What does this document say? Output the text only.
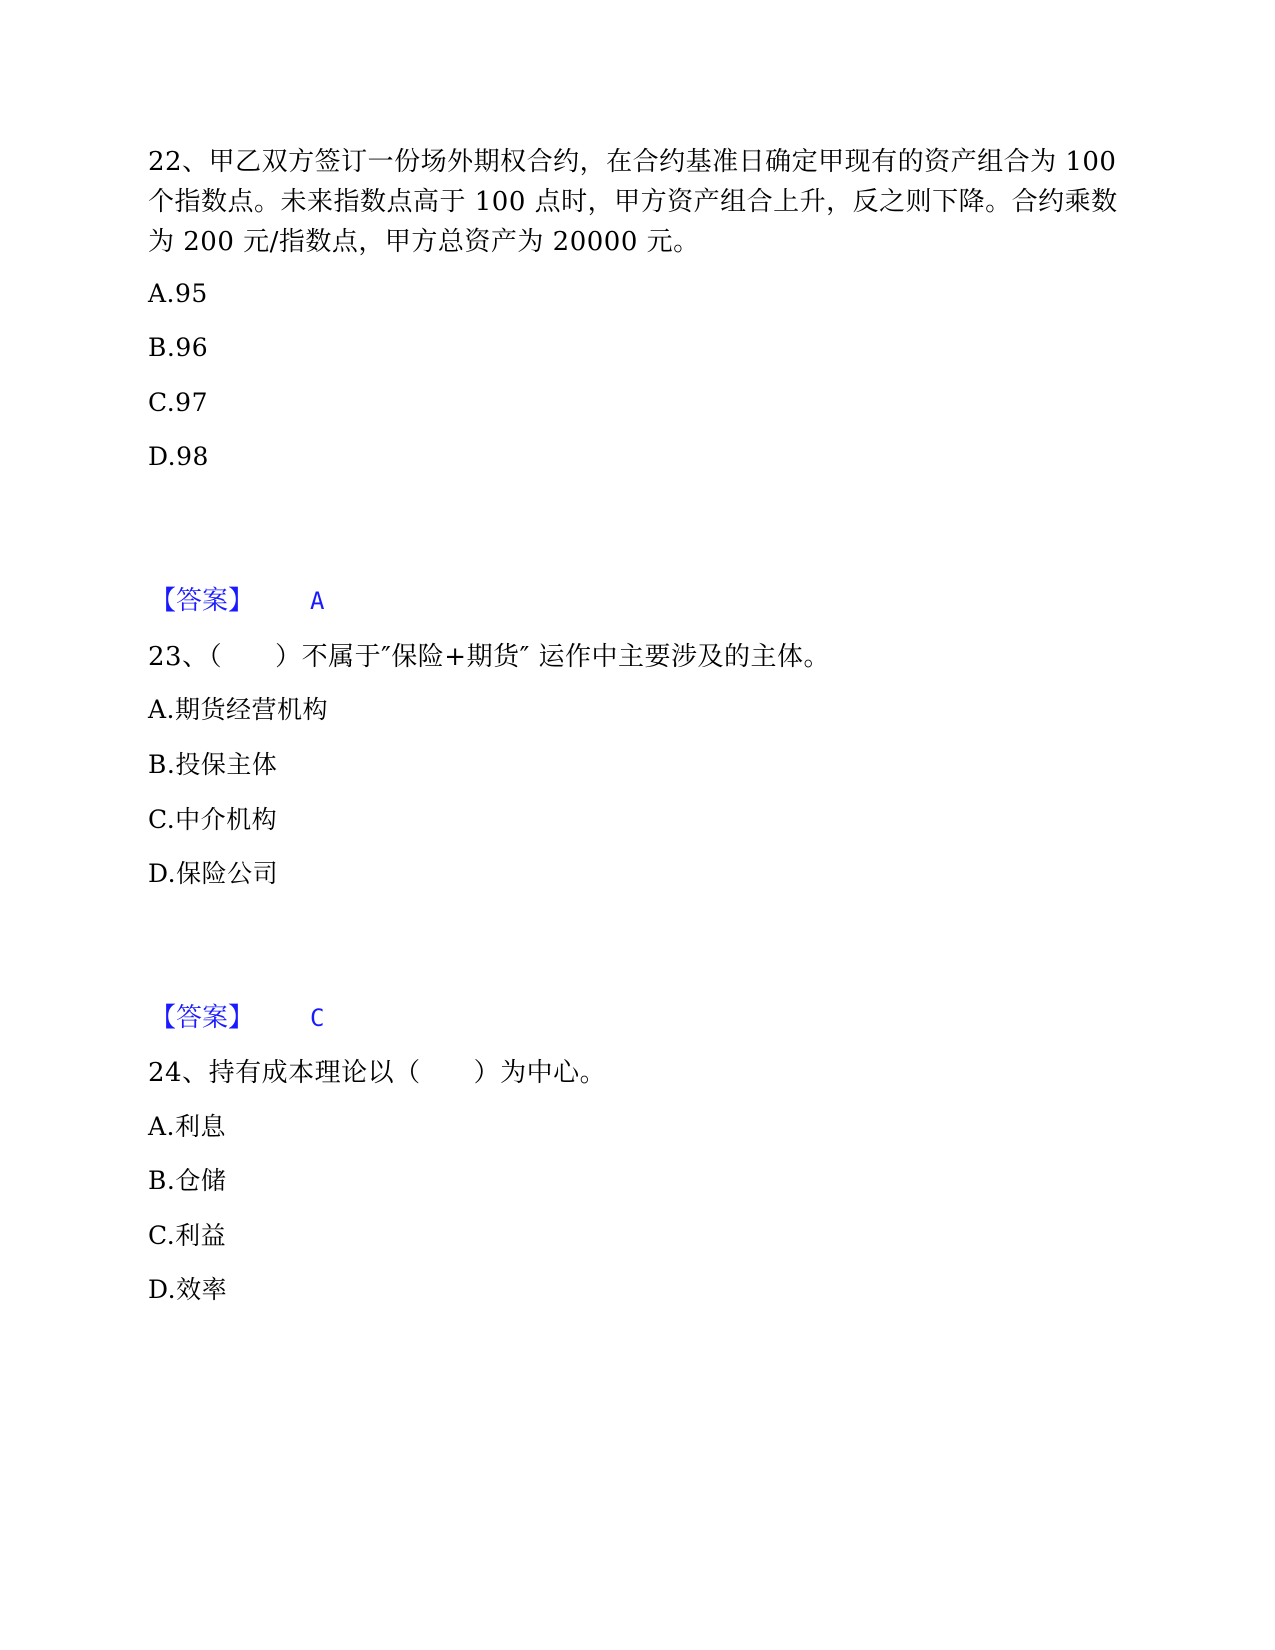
22、甲乙双方签订一份场外期权合约，在合约基准日确定甲现有的资产组合为 100 个指数点。未来指数点高于 100 点时，甲方资产组合上升，反之则下降。合约乘数为 200 元/指数点，甲方总资产为 20000 元。
A.95
B.96
C.97
D.98
【答案】 A
23、（　　）不属于″保险+期货″ 运作中主要涉及的主体。
A.期货经营机构
B.投保主体
C.中介机构
D.保险公司
【答案】 C
24、持有成本理论以（　　）为中心。
A.利息
B.仓储
C.利益
D.效率
